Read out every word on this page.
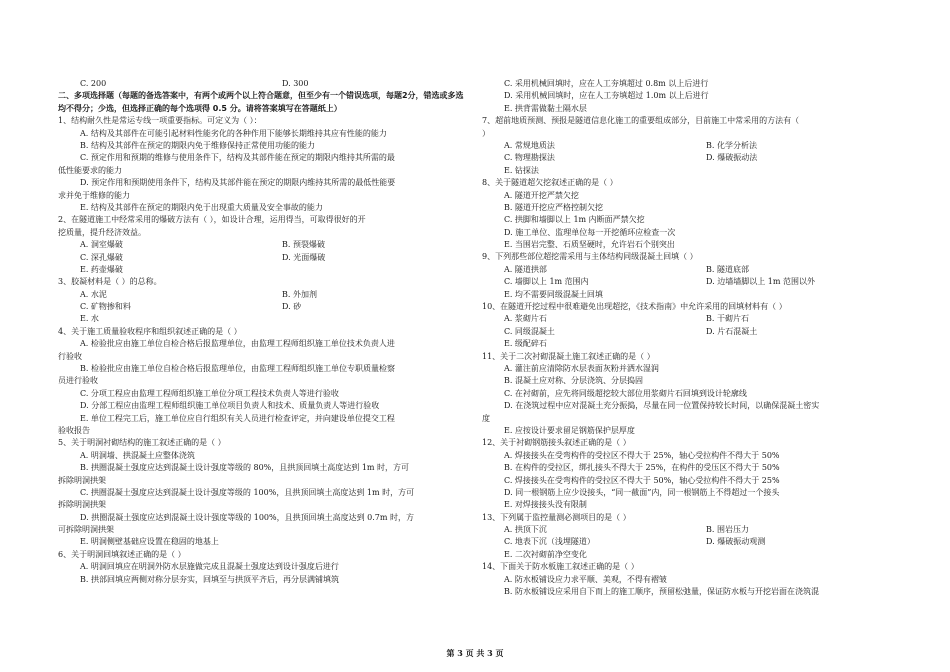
C. 200	D. 300
二、多项选择题（每题的备选答案中，有两个或两个以上符合题意，但至少有一个错误选项，每题2分，错选或多选均不得分；少选，但选择正确的每个选项得 0.5 分。请将答案填写在答题纸上）
1、结构耐久性是常运专线一项重要指标。可定义为（ ）：
A. 结构及其部件在可能引起材料性能劣化的各种作用下能够长期维持其应有性能的能力
B. 结构及其部件在预定的期限内免于维修保持正常使用功能的能力
C. 预定作用和预期的维修与使用条件下，结构及其部件能在预定的期限内维持其所需的最
低性能要求的能力
D. 预定作用和预期使用条件下，结构及其部件能在预定的期限内维持其所需的最低性能要
求并免于维修的能力
E. 结构及其部件在预定的期限内免于出现重大质量及安全事故的能力
2、在隧道施工中经常采用的爆破方法有（ ），如设计合理，运用得当，可取得很好的开
挖质量，提升经济效益。
A. 洞室爆破	B. 预裂爆破
C. 深孔爆破	D. 光面爆破
E. 药壶爆破
3、胶凝材料是（ ）的总称。
A. 水泥	B. 外加剂
C. 矿物掺和料	D. 砂
E. 水
4、关于施工质量验收程序和组织叙述正确的是（ ）
A. 检验批应由施工单位自检合格后报监理单位，由监理工程师组织施工单位技术负责人进
行验收
B. 检验批应由施工单位自检合格后报监理单位，由监理工程师组织施工单位专职质量检察
员进行验收
C. 分项工程应由监理工程师组织施工单位分项工程技术负责人等进行验收
D. 分部工程应由监理工程师组织施工单位项目负责人和技术、质量负责人等进行验收
E. 单位工程完工后，施工单位应自行组织有关人员进行检查评定，并向建设单位提交工程
验收报告
5、关于明洞衬砌结构的施工叙述正确的是（ ）
A. 明洞墙、拱混凝土应整体浇筑
B. 拱圈混凝土强度应达到混凝土设计强度等级的 80%，且拱顶回填土高度达到 1m 时，方可
拆除明洞拱架
C. 拱圈混凝土强度应达到混凝土设计强度等级的 100%，且拱顶回填土高度达到 1m 时，方可
拆除明洞拱架
D. 拱圈混凝土强度应达到混凝土设计强度等级的 100%，且拱顶回填土高度达到 0.7m 时，方
可拆除明洞拱架
E. 明洞侧壁基础应设置在稳固的地基上
6、关于明洞回填叙述正确的是（ ）
A. 明洞回填应在明洞外防水层施做完成且混凝土强度达到设计强度后进行
B. 拱部回填应两侧对称分层夯实，回填至与拱顶平齐后，再分层满铺填筑
C. 采用机械回填时，应在人工夯填超过 0.8m 以上后进行
D. 采用机械回填时，应在人工夯填超过 1.0m 以上后进行
E. 拱背需做黏土隔水层
7、超前地质预测、预报是隧道信息化施工的重要组成部分，目前施工中常采用的方法有（
）
A. 常规地质法	B. 化学分析法
C. 物理勘探法	D. 爆破振动法
E. 钻探法
8、关于隧道超欠挖叙述正确的是（ ）
A. 隧道开挖严禁欠挖
B. 隧道开挖应严格控制欠挖
C. 拱脚和墙脚以上 1m 内断面严禁欠挖
D. 施工单位、监理单位每一开挖循环应检查一次
E. 当围岩完整、石质坚硬时，允许岩石个别突出
9、下列那些部位超挖需采用与主体结构同级混凝土回填（ ）
A. 隧道拱部	B. 隧道底部
C. 墙脚以上 1m 范围内	D. 边墙墙脚以上 1m 范围以外
E. 均不需要同级混凝土回填
10、在隧道开挖过程中很难避免出现超挖，《技术指南》中允许采用的回填材料有（ ）
A. 浆砌片石	B. 干砌片石
C. 同级混凝土	D. 片石混凝土
E. 级配碎石
11、关于二次衬砌混凝土施工叙述正确的是（ ）
A. 灌注前应清除防水层表面灰粉并洒水湿润
B. 混凝土应对称、分层浇筑、分层捣固
C. 在衬砌前，应先将同级超挖较大部位用浆砌片石回填到设计轮廓线
D. 在浇筑过程中应对混凝土充分振捣，尽量在同一位置保持较长时间，以确保混凝土密实
度
E. 应按设计要求留足钢筋保护层厚度
12、关于衬砌钢筋接头叙述正确的是（ ）
A. 焊接接头在受弯构件的受拉区不得大于 25%，轴心受拉构件不得大于 50%
B. 在构件的受拉区，绑扎接头不得大于 25%，在构件的受压区不得大于 50%
C. 焊接接头在受弯构件的受拉区不得大于 50%，轴心受拉构件不得大于 25%
D. 同一根钢筋上应少设接头，“同一截面”内，同一根钢筋上不得超过一个接头
E. 对焊接接头没有限制
13、下列属于监控量测必测项目的是（ ）
A. 拱顶下沉	B. 围岩压力
C. 地表下沉（浅埋隧道）	D. 爆破振动观测
E. 二次衬砌前净空变化
14、下面关于防水板施工叙述正确的是（ ）
A. 防水板铺设应力求平顺、美观，不得有褶皱
B. 防水板铺设应采用自下而上的施工顺序，预留松弛量，保证防水板与开挖岩面在浇筑混
第 3 页 共 3 页
